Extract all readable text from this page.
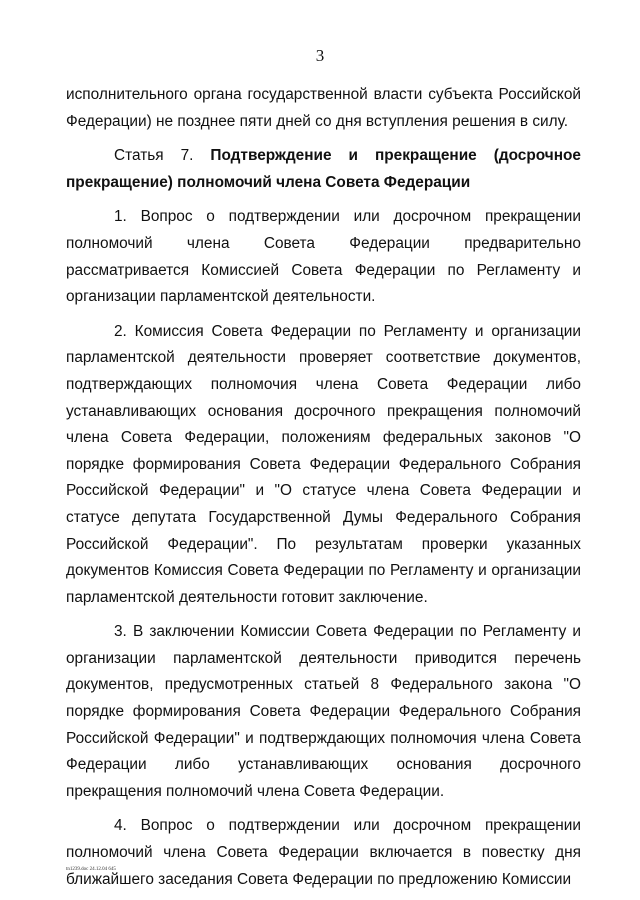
3

исполнительного органа государственной власти субъекта Российской Федерации) не позднее пяти дней со дня вступления решения в силу.

Статья 7. Подтверждение и прекращение (досрочное прекращение) полномочий члена Совета Федерации

1. Вопрос о подтверждении или досрочном прекращении полномочий члена Совета Федерации предварительно рассматривается Комиссией Совета Федерации по Регламенту и организации парламентской деятельности.

2. Комиссия Совета Федерации по Регламенту и организации парламентской деятельности проверяет соответствие документов, подтверждающих полномочия члена Совета Федерации либо устанавливающих основания досрочного прекращения полномочий члена Совета Федерации, положениям федеральных законов "О порядке формирования Совета Федерации Федерального Собрания Российской Федерации" и "О статусе члена Совета Федерации и статусе депутата Государственной Думы Федерального Собрания Российской Федерации". По результатам проверки указанных документов Комиссия Совета Федерации по Регламенту и организации парламентской деятельности готовит заключение.

3. В заключении Комиссии Совета Федерации по Регламенту и организации парламентской деятельности приводится перечень документов, предусмотренных статьей 8 Федерального закона "О порядке формирования Совета Федерации Федерального Собрания Российской Федерации" и подтверждающих полномочия члена Совета Федерации либо устанавливающих основания досрочного прекращения полномочий члена Совета Федерации.

4. Вопрос о подтверждении или досрочном прекращении полномочий члена Совета Федерации включается в повестку дня ближайшего заседания Совета Федерации по предложению Комиссии

tn1239.doc 24.12.04 645
